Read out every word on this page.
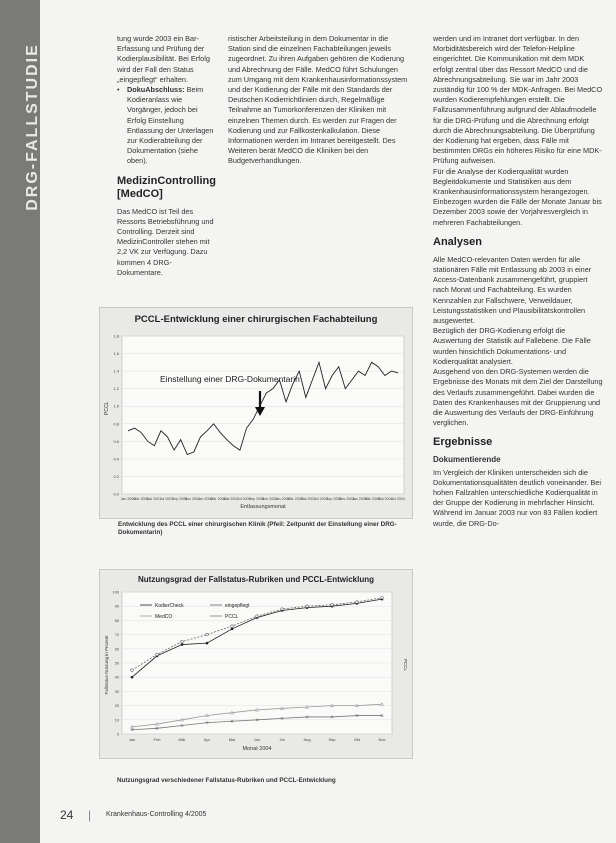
DRG-FALLSTUDIE

tung wurde 2003 ein Bar-Erfassung und Prüfung der Kodierplausibilität. Bei Erfolg wird der Fall den Status „eingepflegt“ erhalten.

• DokuAbschluss: Beim Kodieranlass wie Vorgänger, jedoch bei Erfolg Einstellung Entlassung der Unterlagen zur Kodierabteilung der Dokumentation (siehe oben).

MedizinControlling [MedCO]

Das MedCO ist Teil des Ressorts Betriebsführung und Controlling. Derzeit sind MedizinController stehen mit 2,2 VK zur Verfügung. Dazu kommen 4 DRG-Dokumentare.

ristischer Arbeitsteilung in dem Dokumentar in die Station sind die einzelnen Fachabteilungen jeweils zugeordnet. Zu ihren Aufgaben gehören die Kodierung und Abrechnung der Fälle. MedCO führt Schulungen zum Umgang mit dem Krankenhausinformationssystem und der Kodierung der Fälle mit den Standards der Deutschen Kodierrichtlinien durch, Regelmäßige Teilnahme an Tumorkonferenzen der Kliniken mit einzelnen Themen durch. Es werden zur Fragen der Kodierung und zur Fallkostenkalkulation. Diese Informationen werden im Intranet bereitgestellt. Des Weiteren berät MedCO die Kliniken bei den Budgetverhandlungen.

werden und im Intranet dort verfügbar. In den Morbiditätsbereich wird der Telefon-Helpline eingerichtet. Die Kommunikation mit dem MDK erfolgt zentral über das Ressort MedCO und die Abrechnungsabteilung. Sie war im Jahr 2003 zuständig für 100 % der MDK-Anfragen. Bei MedCO wurden Kodierempfehlungen erstellt. Die Fallzusammenführung aufgrund der Ablaufmodelle für die DRG-Prüfung und die Abrechnung erfolgt durch die Abrechnungsabteilung. Die Überprüfung der Kodierung hat ergeben, dass Fälle mit bestimmten DRGs ein höheres Risiko für eine MDK-Prüfung aufweisen.

Für die Analyse der Kodierqualität wurden Begleitdokumente und Statistiken aus dem Krankenhausinformationssystem herangezogen. Einbezogen wurden die Fälle der Monate Januar bis Dezember 2003 sowie der Vorjahresvergleich in mehreren Fachabteilungen.

Analysen

Alle MedCO-relevanten Daten werden für alle stationären Fälle mit Entlassung ab 2003 in einer Access-Datenbank zusammengeführt, gruppiert nach Monat und Fachabteilung. Es wurden Kennzahlen zur Fallschwere, Verweildauer, Leistungsstatistiken und Plausibilitätskontrollen ausgewertet.

Bezüglich der DRG-Kodierung erfolgt die Auswertung der Statistik auf Fallebene. Die Fälle wurden hinsichtlich Dokumentations- und Kodierqualität analysiert.

Ausgehend von den DRG-Systemen werden die Ergebnisse des Monats mit dem Ziel der Darstellung des Verlaufs zusammengeführt. Dabei wurden die Daten des Krankenhauses mit der Gruppierung und die Auswertung des Verlaufs der DRG-Einführung verglichen.

Ergebnisse
Dokumentierende

Im Vergleich der Kliniken unterscheiden sich die Dokumentationsqualitäten deutlich voneinander. Bei hohen Fallzahlen unterschiedliche Kodierqualität in der Gruppe der Kodierung in mehrfacher Hinsicht.

Während im Januar 2003 nur von 83 Fällen kodiert wurde, die DRG-Do-

PCCL-Entwicklung einer chirurgischen Fachabteilung
0.0
0.2
0.4
0.6
0.8
1.0
1.2
1.4
1.6
1.8
Jan 2001
Mär 2001
Mai 2001
Jul 2001
Sep 2001
Nov 2001
Jan 2002
Mär 2002
Mai 2002
Jul 2002
Sep 2002
Nov 2002
Jan 2003
Mär 2003
Mai 2003
Jul 2003
Sep 2003
Nov 2003
Jan 2004
Mär 2004
Mai 2004
Jul 2004
PCCL
Entlassungsmonat
Einstellung einer DRG-Dokumentarin
Entwicklung des PCCL einer chirurgischen Klinik (Pfeil: Zeitpunkt der Einstellung einer DRG-Dokumentarin)
Nutzungsgrad der Fallstatus-Rubriken und PCCL-Entwicklung
0
10
20
30
40
50
60
70
80
90
100
Jan	Feb	Mär	Apr	Mai	Jun	Jul	Aug	Sep	Okt	Nov
Fallstatus-Nutzung in Prozent	PCCL
Monat 2004
KodierCheck	eingepflegt
MedCO	PCCL
Nutzungsgrad verschiedener Fallstatus-Rubriken und PCCL-Entwicklung
24 | Krankenhaus-Controlling 4/2005
